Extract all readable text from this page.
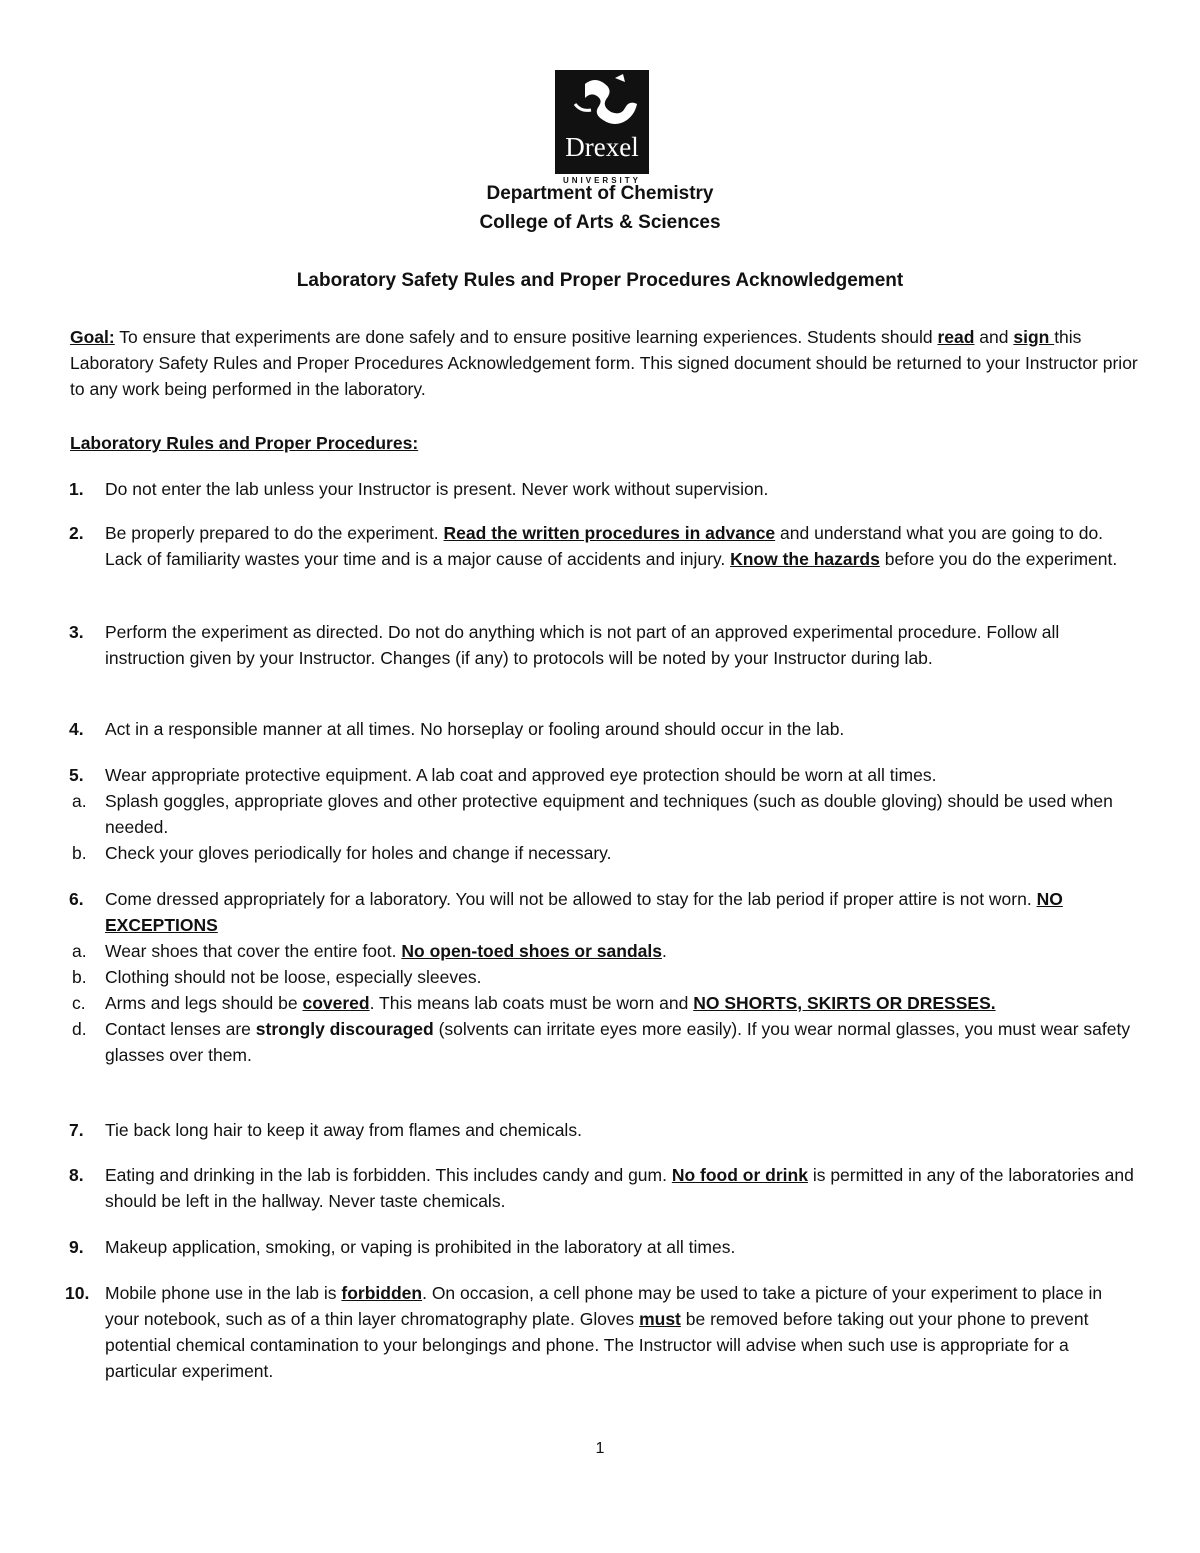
Drexel
UNIVERSITY
Department of Chemistry
College of Arts & Sciences
Laboratory Safety Rules and Proper Procedures Acknowledgement
Goal: To ensure that experiments are done safely and to ensure positive learning experiences. Students should read and sign this Laboratory Safety Rules and Proper Procedures Acknowledgement form. This signed document should be returned to your Instructor prior to any work being performed in the laboratory.
Laboratory Rules and Proper Procedures:
1.	Do not enter the lab unless your Instructor is present. Never work without supervision.
2.	Be properly prepared to do the experiment. Read the written procedures in advance and understand what you are going to do. Lack of familiarity wastes your time and is a major cause of accidents and injury. Know the hazards before you do the experiment.
3.	Perform the experiment as directed. Do not do anything which is not part of an approved experimental procedure. Follow all instruction given by your Instructor. Changes (if any) to protocols will be noted by your Instructor during lab.
4.	Act in a responsible manner at all times. No horseplay or fooling around should occur in the lab.
5.	Wear appropriate protective equipment. A lab coat and approved eye protection should be worn at all times.
a. Splash goggles, appropriate gloves and other protective equipment and techniques (such as double gloving) should be used when needed.
b. Check your gloves periodically for holes and change if necessary.
6.	Come dressed appropriately for a laboratory. You will not be allowed to stay for the lab period if proper attire is not worn. NO EXCEPTIONS
a. Wear shoes that cover the entire foot. No open-toed shoes or sandals.
b. Clothing should not be loose, especially sleeves.
c. Arms and legs should be covered. This means lab coats must be worn and NO SHORTS, SKIRTS OR DRESSES.
d. Contact lenses are strongly discouraged (solvents can irritate eyes more easily). If you wear normal glasses, you must wear safety glasses over them.
7.	Tie back long hair to keep it away from flames and chemicals.
8.	Eating and drinking in the lab is forbidden. This includes candy and gum. No food or drink is permitted in any of the laboratories and should be left in the hallway. Never taste chemicals.
9.	Makeup application, smoking, or vaping is prohibited in the laboratory at all times.
10. Mobile phone use in the lab is forbidden. On occasion, a cell phone may be used to take a picture of your experiment to place in your notebook, such as of a thin layer chromatography plate. Gloves must be removed before taking out your phone to prevent potential chemical contamination to your belongings and phone. The Instructor will advise when such use is appropriate for a particular experiment.
1
